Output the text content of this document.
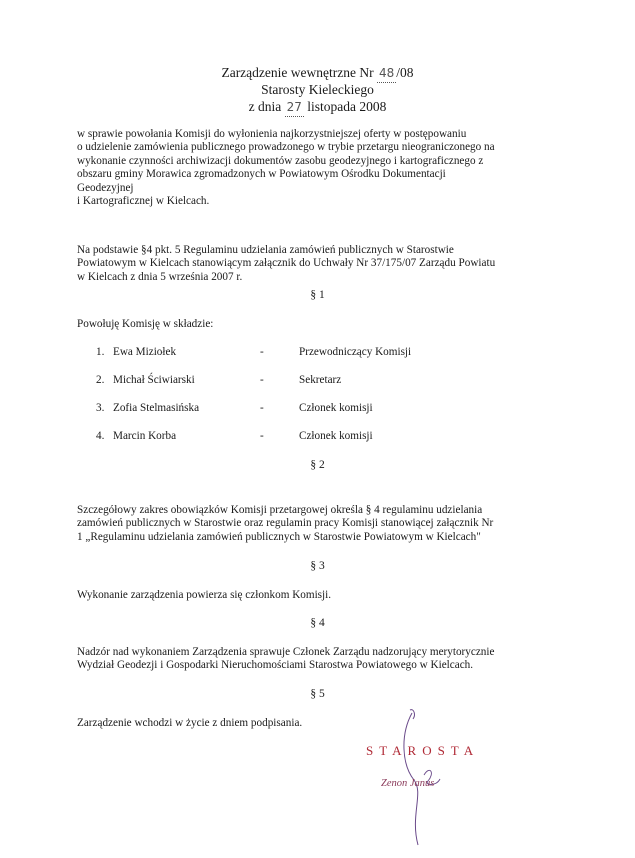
Zarządzenie wewnętrzne Nr 48 /08
Starosty Kieleckiego
z dnia 27 listopada 2008
w sprawie powołania Komisji do wyłonienia najkorzystniejszej oferty w postępowaniu
o udzielenie zamówienia publicznego prowadzonego w trybie przetargu nieograniczonego na
wykonanie czynności archiwizacji dokumentów zasobu geodezyjnego i kartograficznego z
obszaru gminy Morawica zgromadzonych w Powiatowym Ośrodku Dokumentacji
Geodezyjnej
i Kartograficznej w Kielcach.
Na podstawie §4 pkt. 5 Regulaminu udzielania zamówień publicznych w Starostwie
Powiatowym w Kielcach stanowiącym załącznik do Uchwały Nr 37/175/07 Zarządu Powiatu
w Kielcach z dnia 5 września 2007 r.
§ 1
Powołuję Komisję w składzie:
1. Ewa Miziołek	-	Przewodniczący Komisji
2. Michał Ściwiarski	-	Sekretarz
3. Zofia Stelmasińska	-	Członek komisji
4. Marcin Korba	-	Członek komisji
§ 2
Szczegółowy zakres obowiązków Komisji przetargowej określa § 4 regulaminu udzielania
zamówień publicznych w Starostwie oraz regulamin pracy Komisji stanowiącej załącznik Nr
1 „Regulaminu udzielania zamówień publicznych w Starostwie Powiatowym w Kielcach"
§ 3
Wykonanie zarządzenia powierza się członkom Komisji.
§ 4
Nadzór nad wykonaniem Zarządzenia sprawuje Członek Zarządu nadzorujący merytorycznie
Wydział Geodezji i Gospodarki Nieruchomościami Starostwa Powiatowego w Kielcach.
§ 5
Zarządzenie wchodzi w życie z dniem podpisania.
STAROSTA
Zenon Janus
